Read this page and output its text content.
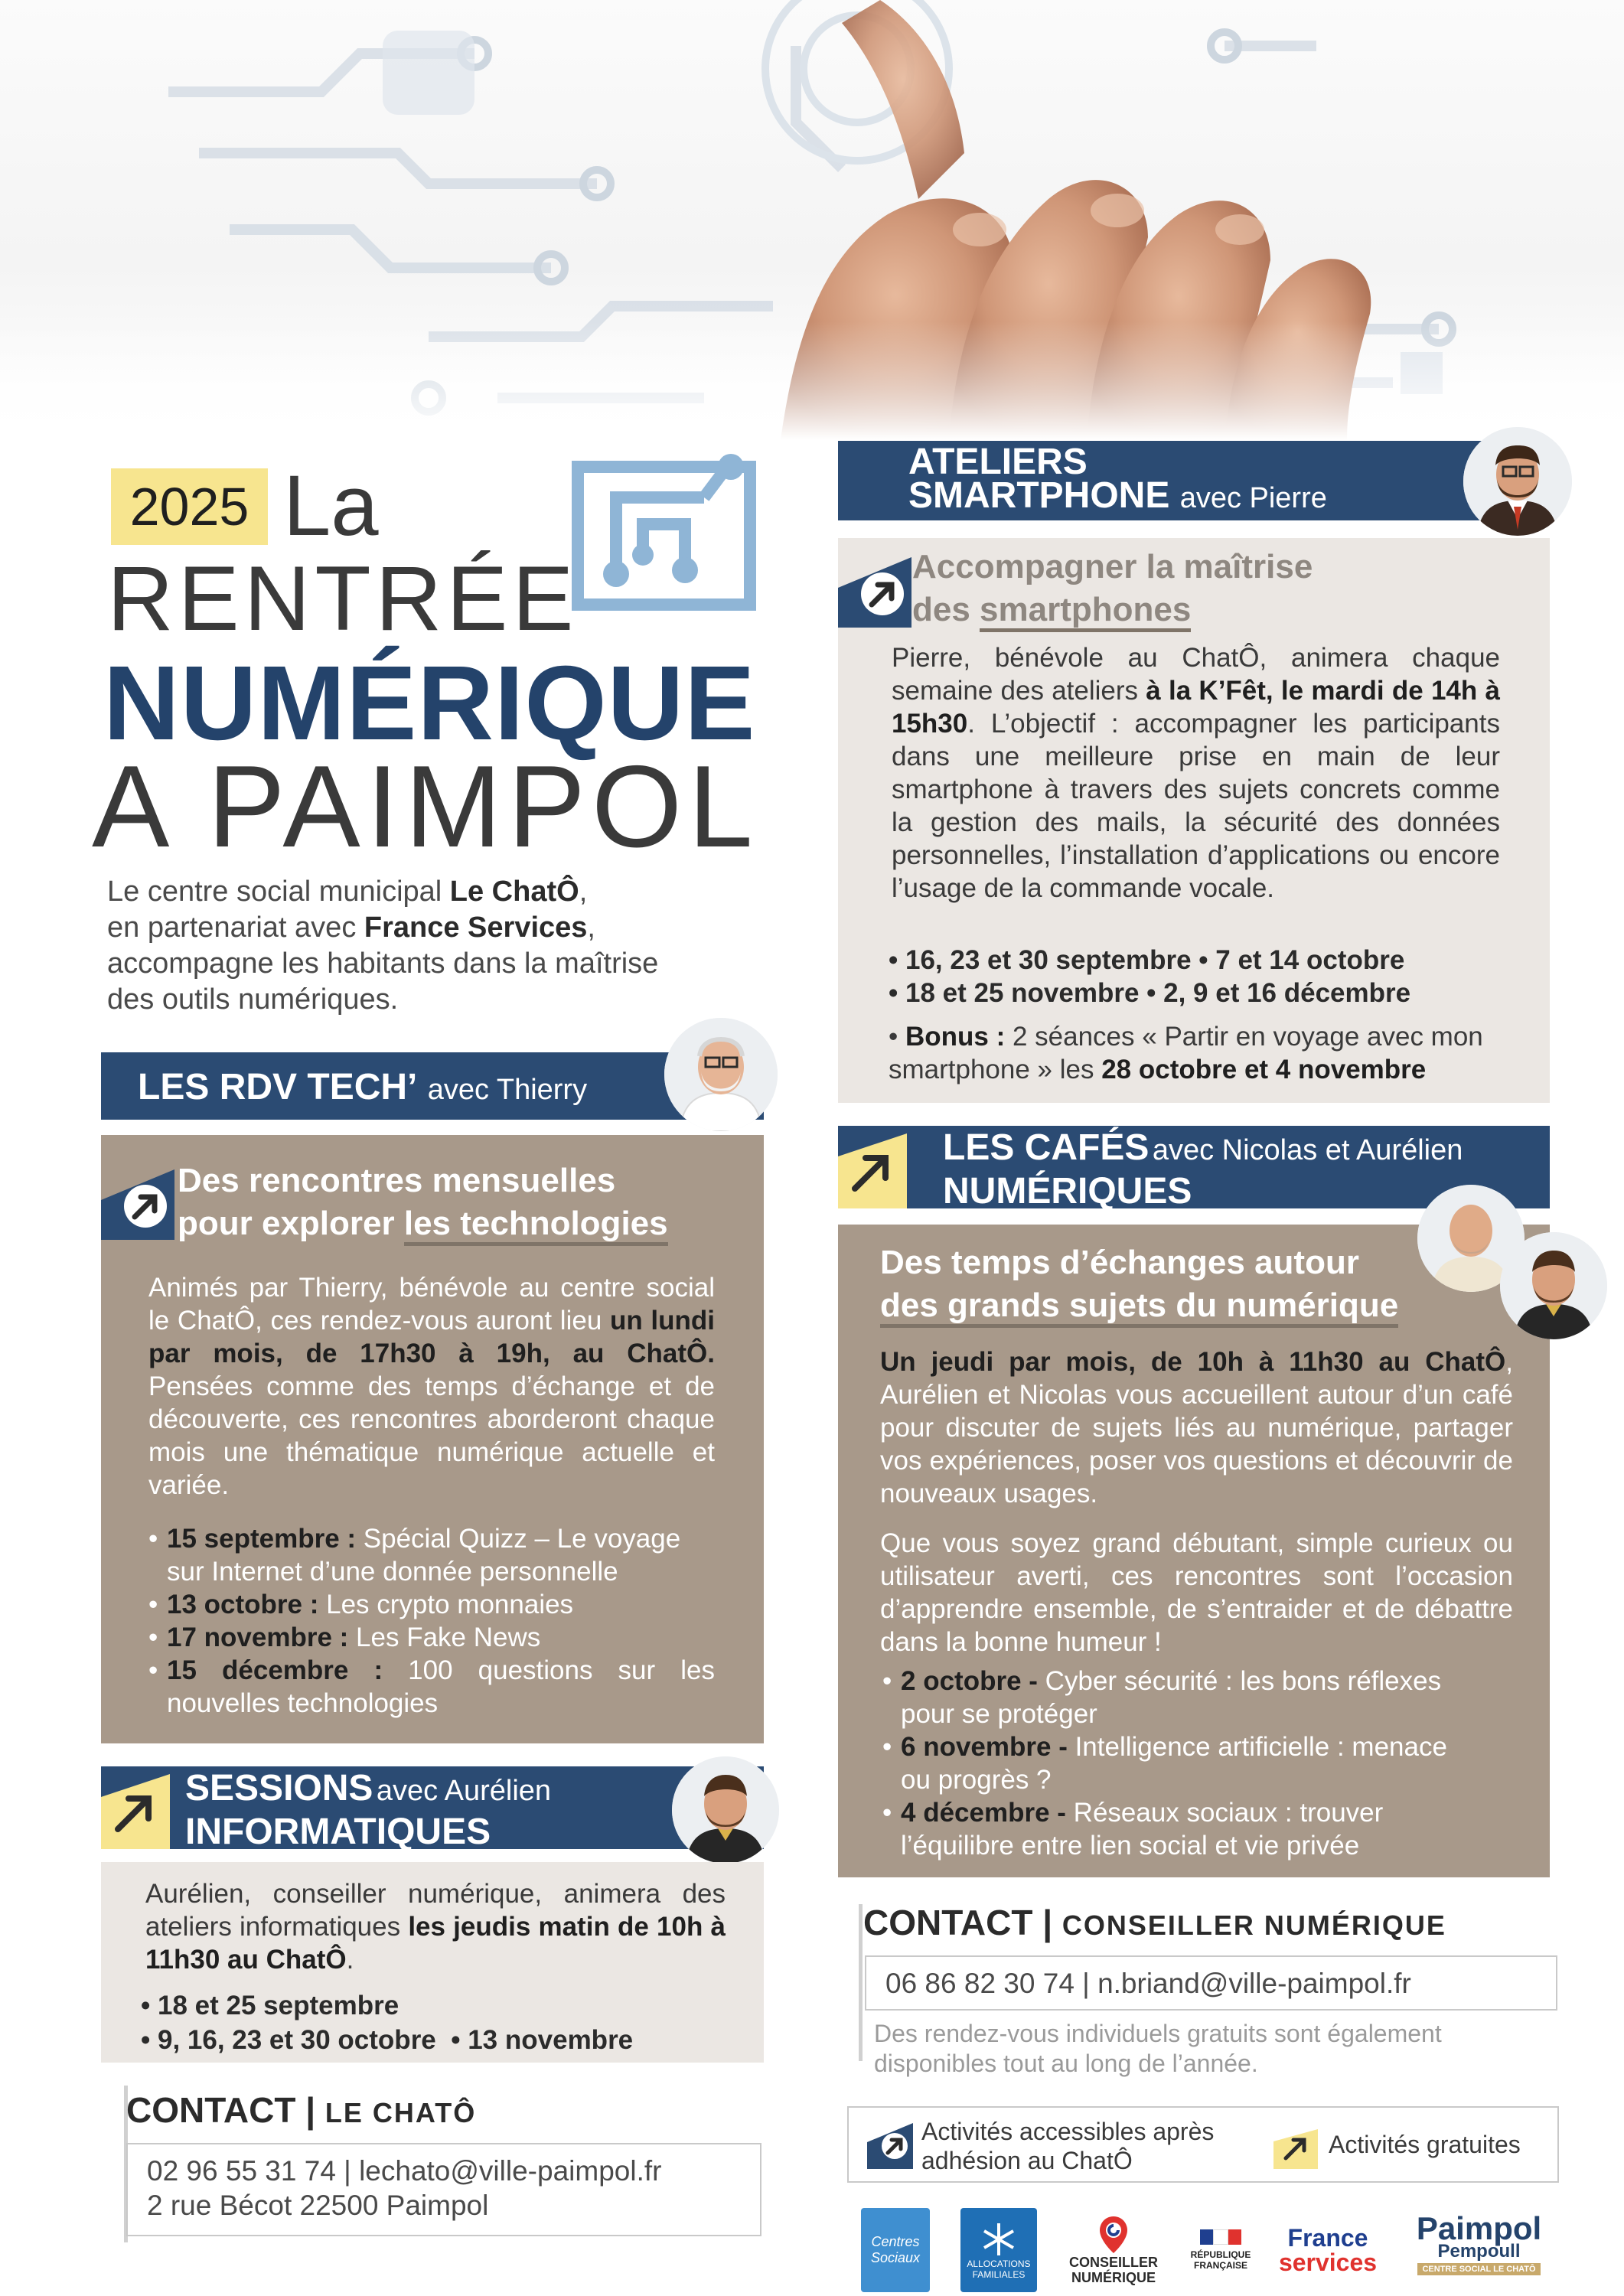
2025 La
RENTRÉE
NUMÉRIQUE
A PAIMPOL
Le centre social municipal Le ChatÔ,
en partenariat avec France Services,
accompagne les habitants dans la maîtrise
des outils numériques.
LES RDV TECH’ avec Thierry
Des rencontres mensuelles
pour explorer les technologies
Animés par Thierry, bénévole au centre social le ChatÔ, ces rendez-vous auront lieu un lundi par mois, de 17h30 à 19h, au ChatÔ. Pensées comme des temps d’échange et de découverte, ces rencontres aborderont chaque mois une thématique numérique actuelle et variée.
• 15 septembre : Spécial Quizz – Le voyage sur Internet d’une donnée personnelle
• 13 octobre : Les crypto monnaies
• 17 novembre : Les Fake News
• 15 décembre : 100 questions sur les nouvelles technologies
SESSIONS avec Aurélien
INFORMATIQUES
Aurélien, conseiller numérique, animera des ateliers informatiques les jeudis matin de 10h à 11h30 au ChatÔ.
• 18 et 25 septembre
• 9, 16, 23 et 30 octobre  • 13 novembre
CONTACT | LE CHATÔ
02 96 55 31 74 | lechato@ville-paimpol.fr
2 rue Bécot 22500 Paimpol
ATELIERS
SMARTPHONE avec Pierre
Accompagner la maîtrise
des smartphones
Pierre, bénévole au ChatÔ, animera chaque semaine des ateliers à la K’Fêt, le mardi de 14h à 15h30. L’objectif : accompagner les participants dans une meilleure prise en main de leur smartphone à travers des sujets concrets comme la gestion des mails, la sécurité des données personnelles, l’installation d’applications ou encore l’usage de la commande vocale.
• 16, 23 et 30 septembre • 7 et 14 octobre
• 18 et 25 novembre • 2, 9 et 16 décembre
• Bonus : 2 séances « Partir en voyage avec mon smartphone » les 28 octobre et 4 novembre
LES CAFÉS avec Nicolas et Aurélien
NUMÉRIQUES
Des temps d’échanges autour
des grands sujets du numérique
Un jeudi par mois, de 10h à 11h30 au ChatÔ, Aurélien et Nicolas vous accueillent autour d’un café pour discuter de sujets liés au numérique, partager vos expériences, poser vos questions et découvrir de nouveaux usages.
Que vous soyez grand débutant, simple curieux ou utilisateur averti, ces rencontres sont l’occasion d’apprendre ensemble, de s’entraider et de débattre dans la bonne humeur !
• 2 octobre - Cyber sécurité : les bons réflexes pour se protéger
• 6 novembre - Intelligence artificielle : menace ou progrès ?
• 4 décembre - Réseaux sociaux : trouver l’équilibre entre lien social et vie privée
CONTACT | CONSEILLER NUMÉRIQUE
06 86 82 30 74 | n.briand@ville-paimpol.fr
Des rendez-vous individuels gratuits sont également disponibles tout au long de l’année.
Activités accessibles après adhésion au ChatÔ
Activités gratuites
Centres Sociaux	ALLOCATIONS FAMILIALES
CONSEILLER
NUMÉRIQUE
RÉPUBLIQUE
FRANÇAISE
France
services
Paimpol
Pempoull
CENTRE SOCIAL LE CHATÔ
